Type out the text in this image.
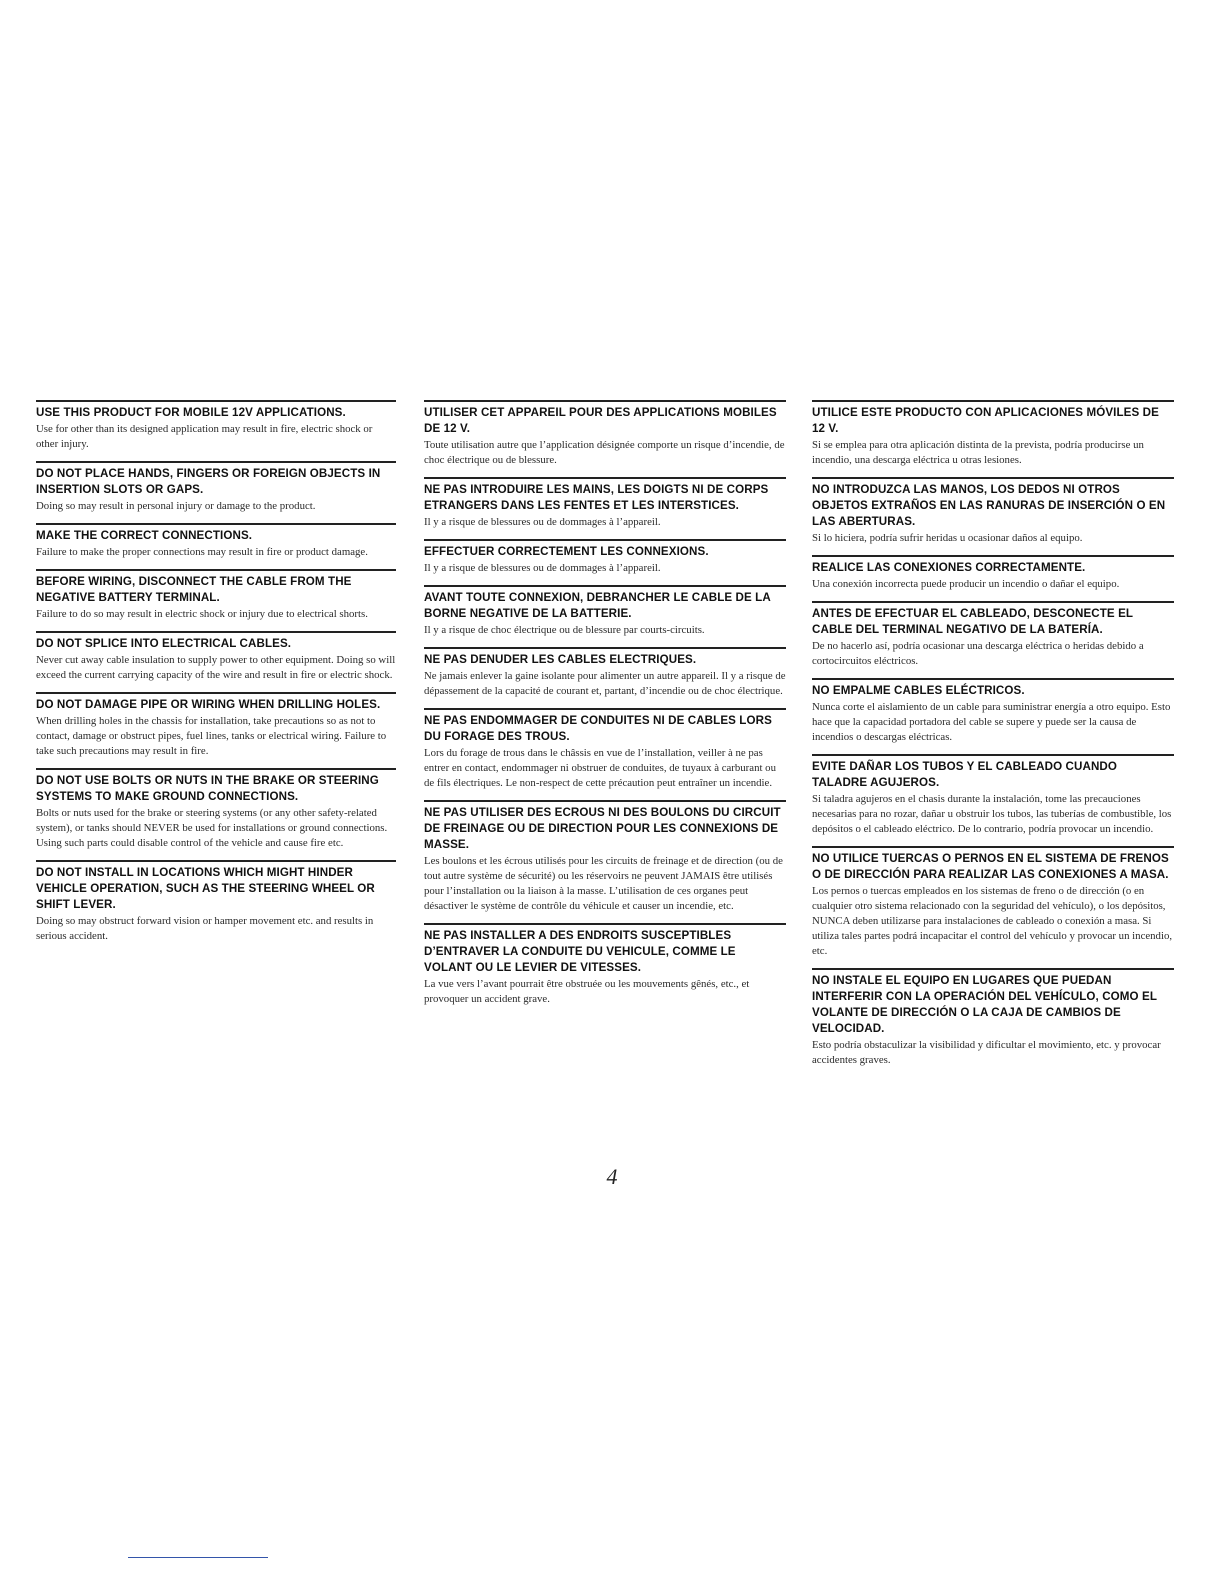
USE THIS PRODUCT FOR MOBILE 12V APPLICATIONS.

Use for other than its designed application may result in fire, electric shock or other injury.

DO NOT PLACE HANDS, FINGERS OR FOREIGN OBJECTS IN INSERTION SLOTS OR GAPS.

Doing so may result in personal injury or damage to the product.

MAKE THE CORRECT CONNECTIONS.

Failure to make the proper connections may result in fire or product damage.

BEFORE WIRING, DISCONNECT THE CABLE FROM THE NEGATIVE BATTERY TERMINAL.

Failure to do so may result in electric shock or injury due to electrical shorts.

DO NOT SPLICE INTO ELECTRICAL CABLES.

Never cut away cable insulation to supply power to other equipment. Doing so will exceed the current carrying capacity of the wire and result in fire or electric shock.

DO NOT DAMAGE PIPE OR WIRING WHEN DRILLING HOLES.

When drilling holes in the chassis for installation, take precautions so as not to contact, damage or obstruct pipes, fuel lines, tanks or electrical wiring. Failure to take such precautions may result in fire.

DO NOT USE BOLTS OR NUTS IN THE BRAKE OR STEERING SYSTEMS TO MAKE GROUND CONNECTIONS.

Bolts or nuts used for the brake or steering systems (or any other safety-related system), or tanks should NEVER be used for installations or ground connections. Using such parts could disable control of the vehicle and cause fire etc.

DO NOT INSTALL IN LOCATIONS WHICH MIGHT HINDER VEHICLE OPERATION, SUCH AS THE STEERING WHEEL OR SHIFT LEVER.

Doing so may obstruct forward vision or hamper movement etc. and results in serious accident.

UTILISER CET APPAREIL POUR DES APPLICATIONS MOBILES DE 12 V.

Toute utilisation autre que l’application désignée comporte un risque d’incendie, de choc électrique ou de blessure.

NE PAS INTRODUIRE LES MAINS, LES DOIGTS NI DE CORPS ETRANGERS DANS LES FENTES ET LES INTERSTICES.

Il y a risque de blessures ou de dommages à l’appareil.

EFFECTUER CORRECTEMENT LES CONNEXIONS.

Il y a risque de blessures ou de dommages à l’appareil.

AVANT TOUTE CONNEXION, DEBRANCHER LE CABLE DE LA BORNE NEGATIVE DE LA BATTERIE.

Il y a risque de choc électrique ou de blessure par courts-circuits.

NE PAS DENUDER LES CABLES ELECTRIQUES.

Ne jamais enlever la gaine isolante pour alimenter un autre appareil. Il y a risque de dépassement de la capacité de courant et, partant, d’incendie ou de choc électrique.

NE PAS ENDOMMAGER DE CONDUITES NI DE CABLES LORS DU FORAGE DES TROUS.

Lors du forage de trous dans le châssis en vue de l’installation, veiller à ne pas entrer en contact, endommager ni obstruer de conduites, de tuyaux à carburant ou de fils électriques. Le non-respect de cette précaution peut entraîner un incendie.

NE PAS UTILISER DES ECROUS NI DES BOULONS DU CIRCUIT DE FREINAGE OU DE DIRECTION POUR LES CONNEXIONS DE MASSE.

Les boulons et les écrous utilisés pour les circuits de freinage et de direction (ou de tout autre système de sécurité) ou les réservoirs ne peuvent JAMAIS être utilisés pour l’installation ou la liaison à la masse. L’utilisation de ces organes peut désactiver le système de contrôle du véhicule et causer un incendie, etc.

NE PAS INSTALLER A DES ENDROITS SUSCEPTIBLES D’ENTRAVER LA CONDUITE DU VEHICULE, COMME LE VOLANT OU LE LEVIER DE VITESSES.

La vue vers l’avant pourrait être obstruée ou les mouvements gênés, etc., et provoquer un accident grave.

UTILICE ESTE PRODUCTO CON APLICACIONES MÓVILES DE 12 V.

Si se emplea para otra aplicación distinta de la prevista, podría producirse un incendio, una descarga eléctrica u otras lesiones.

NO INTRODUZCA LAS MANOS, LOS DEDOS NI OTROS OBJETOS EXTRAÑOS EN LAS RANURAS DE INSERCIÓN O EN LAS ABERTURAS.

Si lo hiciera, podría sufrir heridas u ocasionar daños al equipo.

REALICE LAS CONEXIONES CORRECTAMENTE.

Una conexión incorrecta puede producir un incendio o dañar el equipo.

ANTES DE EFECTUAR EL CABLEADO, DESCONECTE EL CABLE DEL TERMINAL NEGATIVO DE LA BATERÍA.

De no hacerlo así, podría ocasionar una descarga eléctrica o heridas debido a cortocircuitos eléctricos.

NO EMPALME CABLES ELÉCTRICOS.

Nunca corte el aislamiento de un cable para suministrar energía a otro equipo. Esto hace que la capacidad portadora del cable se supere y puede ser la causa de incendios o descargas eléctricas.

EVITE DAÑAR LOS TUBOS Y EL CABLEADO CUANDO TALADRE AGUJEROS.

Si taladra agujeros en el chasis durante la instalación, tome las precauciones necesarias para no rozar, dañar u obstruir los tubos, las tuberías de combustible, los depósitos o el cableado eléctrico. De lo contrario, podría provocar un incendio.

NO UTILICE TUERCAS O PERNOS EN EL SISTEMA DE FRENOS O DE DIRECCIÓN PARA REALIZAR LAS CONEXIONES A MASA.

Los pernos o tuercas empleados en los sistemas de freno o de dirección (o en cualquier otro sistema relacionado con la seguridad del vehículo), o los depósitos, NUNCA deben utilizarse para instalaciones de cableado o conexión a masa. Si utiliza tales partes podrá incapacitar el control del vehículo y provocar un incendio, etc.

NO INSTALE EL EQUIPO EN LUGARES QUE PUEDAN INTERFERIR CON LA OPERACIÓN DEL VEHÍCULO, COMO EL VOLANTE DE DIRECCIÓN O LA CAJA DE CAMBIOS DE VELOCIDAD.

Esto podría obstaculizar la visibilidad y dificultar el movimiento, etc. y provocar accidentes graves.

4
